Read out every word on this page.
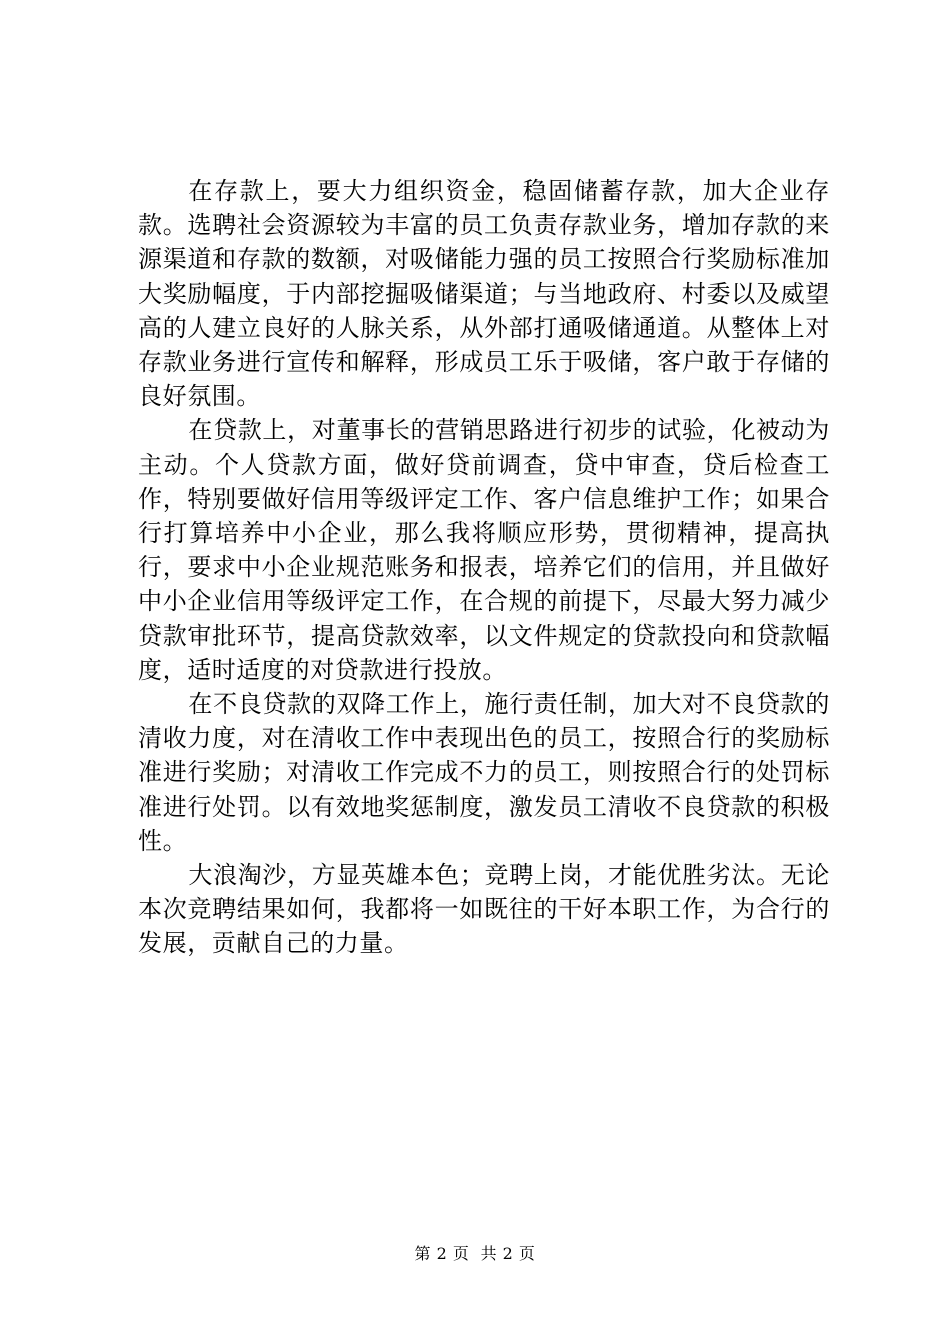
在存款上，要大力组织资金，稳固储蓄存款，加大企业存款。选聘社会资源较为丰富的员工负责存款业务，增加存款的来源渠道和存款的数额，对吸储能力强的员工按照合行奖励标准加大奖励幅度，于内部挖掘吸储渠道；与当地政府、村委以及威望高的人建立良好的人脉关系，从外部打通吸储通道。从整体上对存款业务进行宣传和解释，形成员工乐于吸储，客户敢于存储的良好氛围。

在贷款上，对董事长的营销思路进行初步的试验，化被动为主动。个人贷款方面，做好贷前调查，贷中审查，贷后检查工作，特别要做好信用等级评定工作、客户信息维护工作；如果合行打算培养中小企业，那么我将顺应形势，贯彻精神，提高执行，要求中小企业规范账务和报表，培养它们的信用，并且做好中小企业信用等级评定工作，在合规的前提下，尽最大努力减少贷款审批环节，提高贷款效率，以文件规定的贷款投向和贷款幅度，适时适度的对贷款进行投放。

在不良贷款的双降工作上，施行责任制，加大对不良贷款的清收力度，对在清收工作中表现出色的员工，按照合行的奖励标准进行奖励；对清收工作完成不力的员工，则按照合行的处罚标准进行处罚。以有效地奖惩制度，激发员工清收不良贷款的积极性。

大浪淘沙，方显英雄本色；竞聘上岗，才能优胜劣汰。无论本次竞聘结果如何，我都将一如既往的干好本职工作，为合行的发展，贡献自己的力量。

第 2 页  共 2 页
